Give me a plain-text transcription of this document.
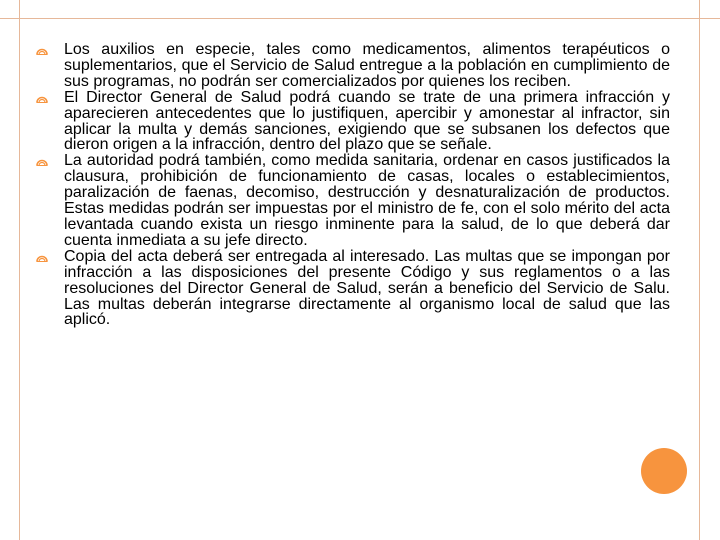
Los auxilios en especie, tales como medicamentos, alimentos terapéuticos o suplementarios, que el Servicio de Salud entregue a la población en cumplimiento de sus programas, no podrán ser comercializados por quienes los reciben.
El Director General de Salud podrá cuando se trate de una primera infracción y aparecieren antecedentes que lo justifiquen, apercibir y amonestar al infractor, sin aplicar la multa y demás sanciones, exigiendo que se subsanen los defectos que dieron origen a la infracción, dentro del plazo que se señale.
La autoridad podrá también, como medida sanitaria, ordenar en casos justificados la clausura, prohibición de funcionamiento de casas, locales o establecimientos, paralización de faenas, decomiso, destrucción y desnaturalización de productos. Estas medidas podrán ser impuestas por el ministro de fe, con el solo mérito del acta levantada cuando exista un riesgo inminente para la salud, de lo que deberá dar cuenta inmediata a su jefe directo.
Copia del acta deberá ser entregada al interesado. Las multas que se impongan por infracción a las disposiciones del presente Código y sus reglamentos o a las resoluciones del Director General de Salud, serán a beneficio del Servicio de Salu. Las multas deberán integrarse directamente al organismo local de salud que las aplicó.
